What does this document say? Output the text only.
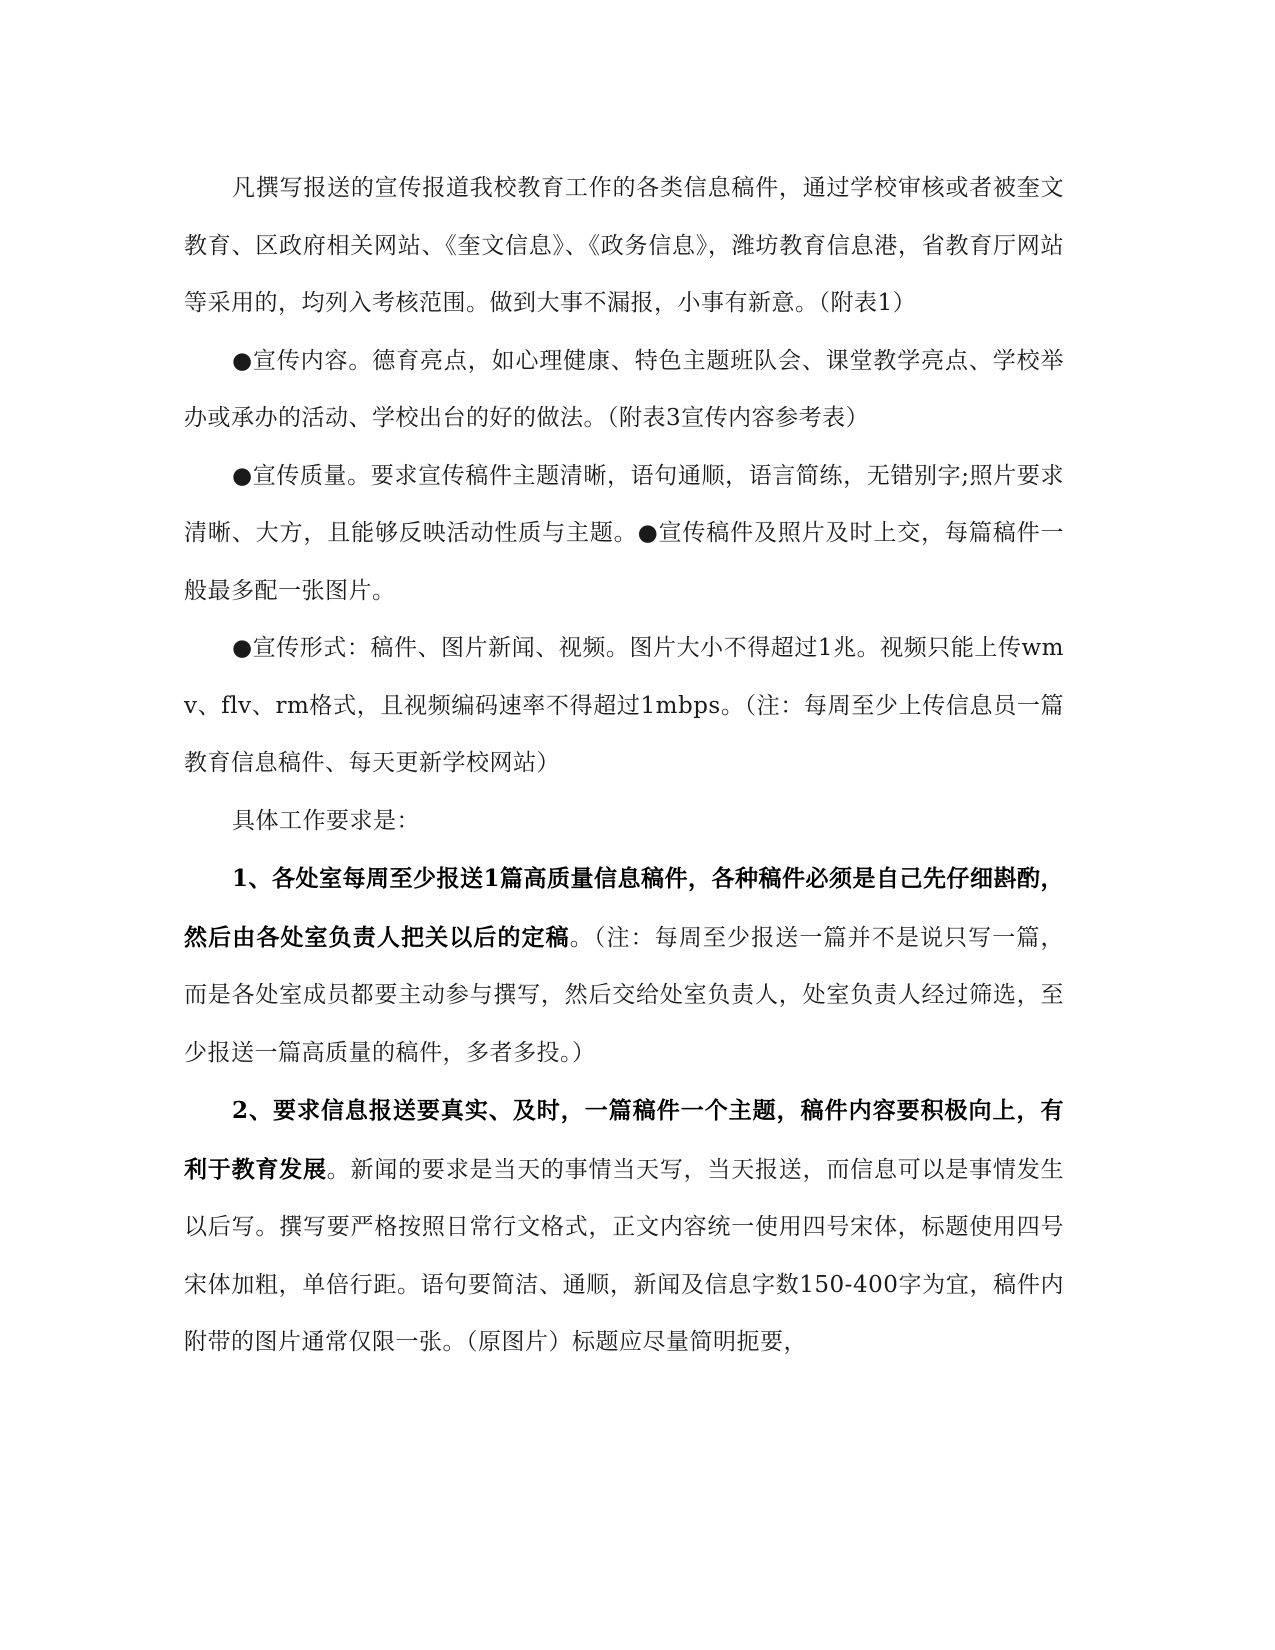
凡撰写报送的宣传报道我校教育工作的各类信息稿件，通过学校审核或者被奎文教育、区政府相关网站、《奎文信息》、《政务信息》，潍坊教育信息港，省教育厅网站等采用的，均列入考核范围。做到大事不漏报，小事有新意。（附表1）

●宣传内容。德育亮点，如心理健康、特色主题班队会、课堂教学亮点、学校举办或承办的活动、学校出台的好的做法。（附表3宣传内容参考表）

●宣传质量。要求宣传稿件主题清晰，语句通顺，语言简练，无错别字;照片要求清晰、大方，且能够反映活动性质与主题。●宣传稿件及照片及时上交，每篇稿件一般最多配一张图片。

●宣传形式：稿件、图片新闻、视频。图片大小不得超过1兆。视频只能上传wmv、flv、rm格式，且视频编码速率不得超过1mbps。（注：每周至少上传信息员一篇教育信息稿件、每天更新学校网站）

具体工作要求是：

1、各处室每周至少报送1篇高质量信息稿件，各种稿件必须是自己先仔细斟酌，然后由各处室负责人把关以后的定稿。（注：每周至少报送一篇并不是说只写一篇，而是各处室成员都要主动参与撰写，然后交给处室负责人，处室负责人经过筛选，至少报送一篇高质量的稿件，多者多投。）

2、要求信息报送要真实、及时，一篇稿件一个主题，稿件内容要积极向上，有利于教育发展。新闻的要求是当天的事情当天写，当天报送，而信息可以是事情发生以后写。撰写要严格按照日常行文格式，正文内容统一使用四号宋体，标题使用四号宋体加粗，单倍行距。语句要简洁、通顺，新闻及信息字数150-400字为宜，稿件内附带的图片通常仅限一张。（原图片）标题应尽量简明扼要，
